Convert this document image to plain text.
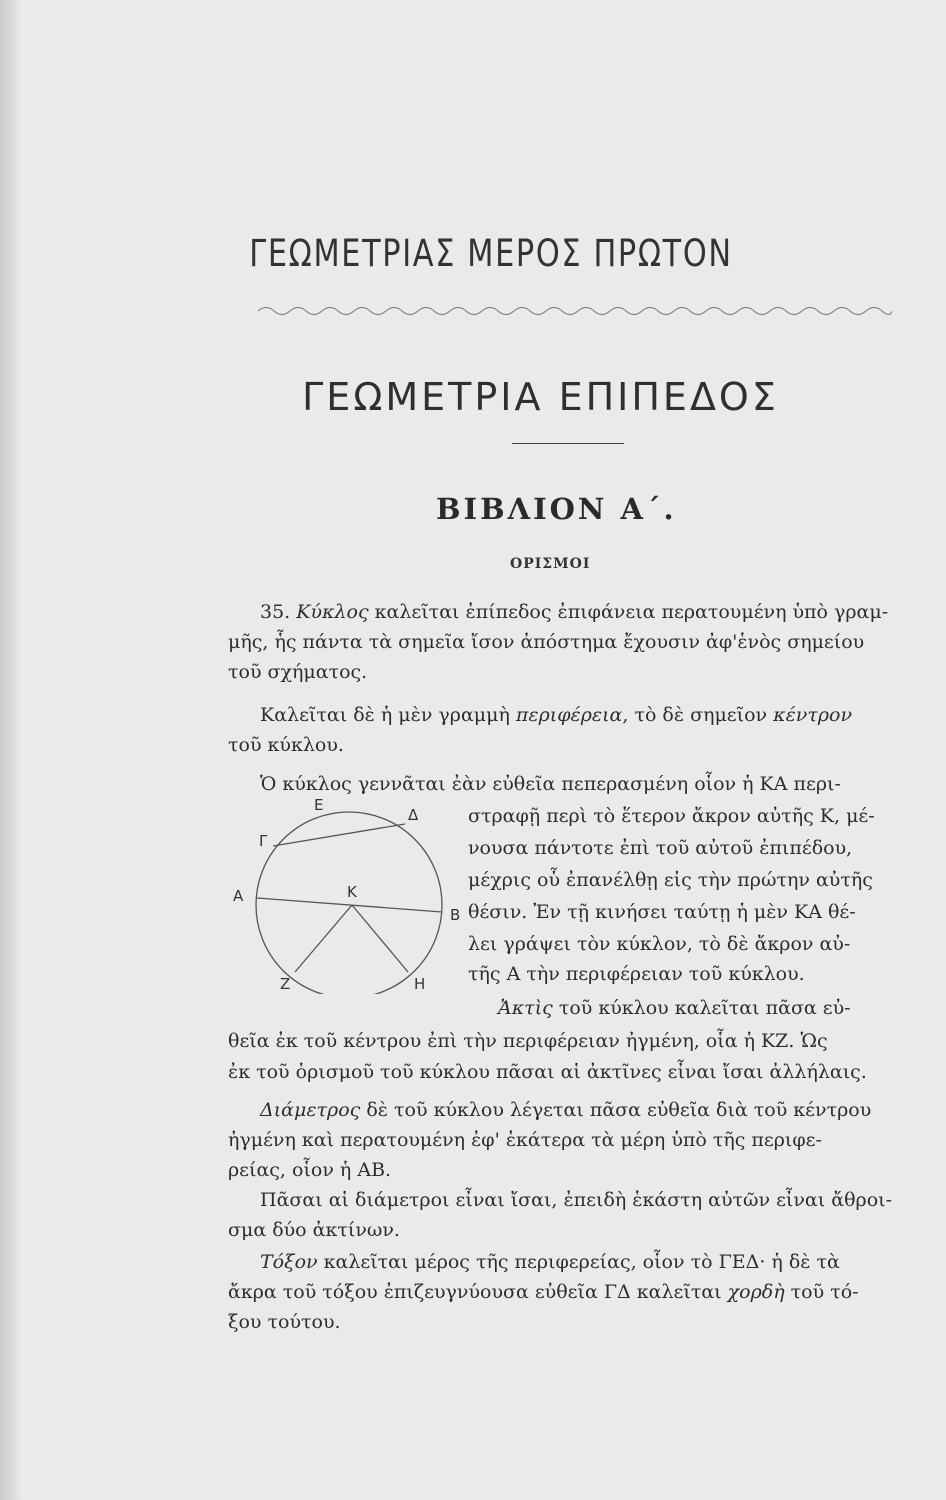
ΓΕΩΜΕΤΡΙΑΣ ΜΕΡΟΣ ΠΡΩΤΟΝ
ΓΕΩΜΕΤΡΙΑ ΕΠΙΠΕΔΟΣ
ΒΙΒΛΙΟΝ Α΄.
ΟΡΙΣΜΟΙ
35. Κύκλος καλεῖται ἐπίπεδος ἐπιφάνεια περατουμένη ὑπὸ γραμ-
μῆς, ἧς πάντα τὰ σημεῖα ἴσον ἀπόστημα ἔχουσιν ἀφ'ἑνὸς σημείου
τοῦ σχήματος.
Καλεῖται δὲ ἡ μὲν γραμμὴ περιφέρεια, τὸ δὲ σημεῖον κέντρον
τοῦ κύκλου.
Ὁ κύκλος γεννᾶται ἐὰν εὐθεῖα πεπερασμένη οἷον ἡ ΚΑ περι-
στραφῇ περὶ τὸ ἕτερον ἄκρον αὐτῆς Κ, μέ-
νουσα πάντοτε ἐπὶ τοῦ αὐτοῦ ἐπιπέδου,
μέχρις οὗ ἐπανέλθῃ εἰς τὴν πρώτην αὐτῆς
θέσιν. Ἐν τῇ κινήσει ταύτῃ ἡ μὲν ΚΑ θέ-
λει γράψει τὸν κύκλον, τὸ δὲ ἄκρον αὐ-
τῆς Α τὴν περιφέρειαν τοῦ κύκλου.
Ἀκτὶς τοῦ κύκλου καλεῖται πᾶσα εὐ-
θεῖα ἐκ τοῦ κέντρου ἐπὶ τὴν περιφέρειαν ἠγμένη, οἷα ἡ ΚΖ. Ὡς
ἐκ τοῦ ὁρισμοῦ τοῦ κύκλου πᾶσαι αἱ ἀκτῖνες εἶναι ἴσαι ἀλλήλαις.
Διάμετρος δὲ τοῦ κύκλου λέγεται πᾶσα εὐθεῖα διὰ τοῦ κέντρου
ἠγμένη καὶ περατουμένη ἐφ' ἑκάτερα τὰ μέρη ὑπὸ τῆς περιφε-
ρείας, οἷον ἡ ΑΒ.
Πᾶσαι αἱ διάμετροι εἶναι ἴσαι, ἐπειδὴ ἑκάστη αὐτῶν εἶναι ἄθροι-
σμα δύο ἀκτίνων.
Τόξον καλεῖται μέρος τῆς περιφερείας, οἷον τὸ ΓΕΔ· ἡ δὲ τὰ
ἄκρα τοῦ τόξου ἐπιζευγνύουσα εὐθεῖα ΓΔ καλεῖται χορδὴ τοῦ τό-
ξου τούτου.
Ε
Δ
Γ
Α	Κ
Β
Ζ	Η
